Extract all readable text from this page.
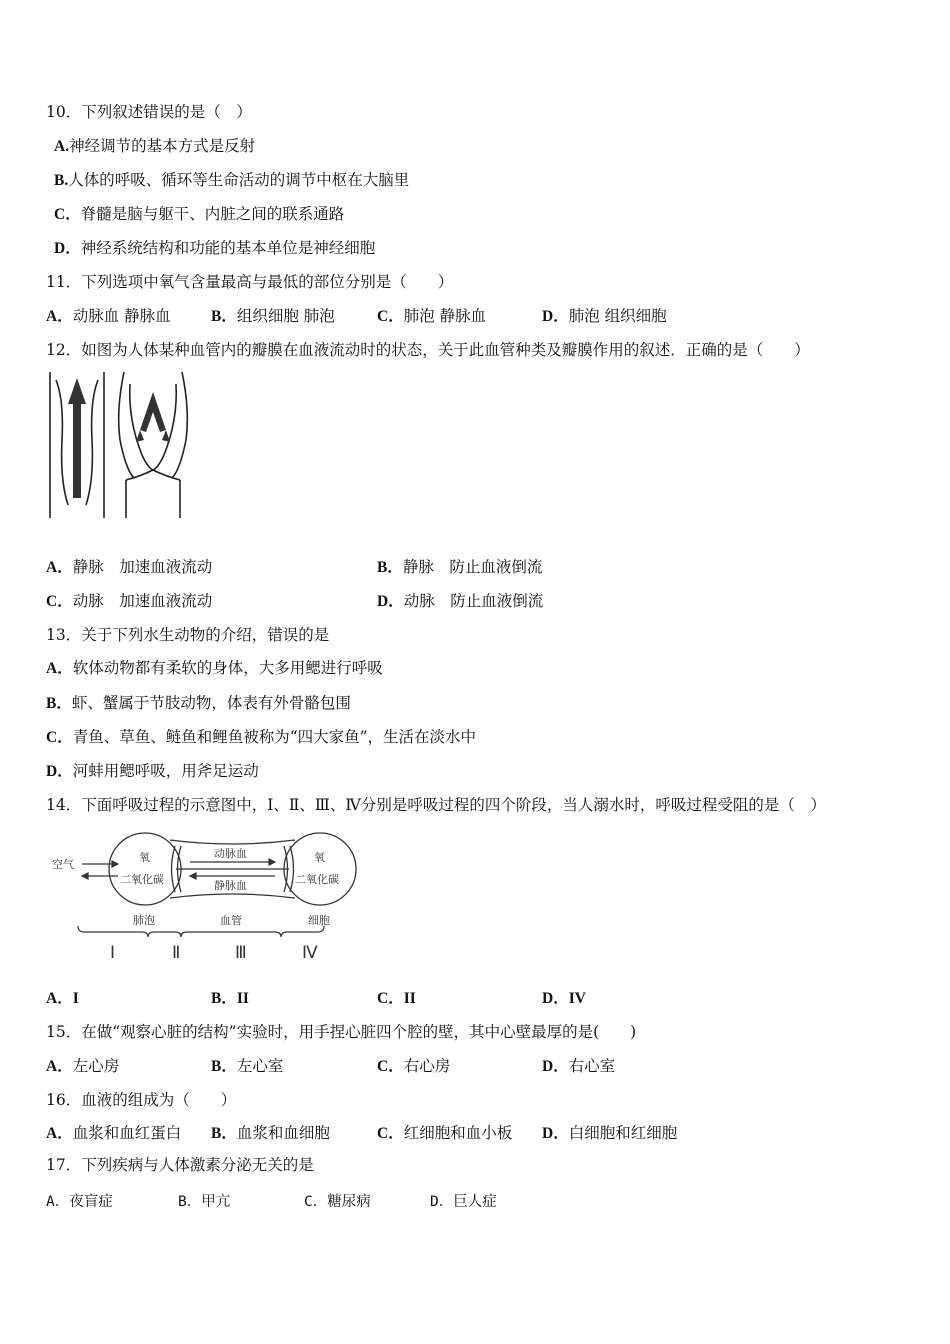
10．下列叙述错误的是（　）
A.神经调节的基本方式是反射
B.人体的呼吸、循环等生命活动的调节中枢在大脑里
C．脊髓是脑与躯干、内脏之间的联系通路
D．神经系统结构和功能的基本单位是神经细胞
11．下列选项中氧气含量最高与最低的部位分别是（　　）
A．动脉血 静脉血	B．组织细胞 肺泡	C．肺泡 静脉血	D．肺泡 组织细胞
12．如图为人体某种血管内的瓣膜在血液流动时的状态，关于此血管种类及瓣膜作用的叙述．正确的是（　　）
A．静脉　加速血液流动	B．静脉　防止血液倒流
C．动脉　加速血液流动	D．动脉　防止血液倒流
13．关于下列水生动物的介绍，错误的是
A．软体动物都有柔软的身体，大多用鳃进行呼吸
B．虾、蟹属于节肢动物，体表有外骨骼包围
C．青鱼、草鱼、鲢鱼和鲤鱼被称为“四大家鱼”，生活在淡水中
D．河蚌用鳃呼吸，用斧足运动
14．下面呼吸过程的示意图中，Ⅰ、Ⅱ、Ⅲ、Ⅳ分别是呼吸过程的四个阶段，当人溺水时，呼吸过程受阻的是（　）
空气
氧
二氧化碳
动脉血
静脉血
氧
二氧化碳
肺泡	血管	细胞
Ⅰ	Ⅱ	Ⅲ	Ⅳ
A．I	B．II	C．II	D．IV
15．在做“观察心脏的结构”实验时，用手捏心脏四个腔的壁，其中心壁最厚的是(　　)
A．左心房	B．左心室	C．右心房	D．右心室
16．血液的组成为（　　）
A．血浆和血红蛋白 B．血浆和血细胞	C．红细胞和血小板 D．白细胞和红细胞
17．下列疾病与人体激素分泌无关的是
A．夜盲症	B．甲亢	C．糖尿病	D．巨人症
